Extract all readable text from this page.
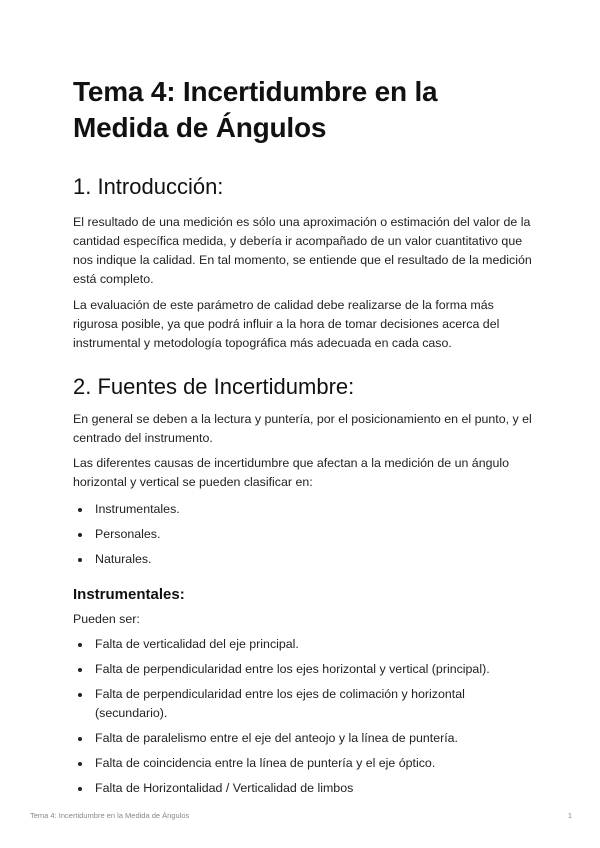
Tema 4: Incertidumbre en la Medida de Ángulos
1. Introducción:

El resultado de una medición es sólo una aproximación o estimación del valor de la cantidad específica medida, y debería ir acompañado de un valor cuantitativo que nos indique la calidad. En tal momento, se entiende que el resultado de la medición está completo.

La evaluación de este parámetro de calidad debe realizarse de la forma más rigurosa posible, ya que podrá influir a la hora de tomar decisiones acerca del instrumental y metodología topográfica más adecuada en cada caso.

2. Fuentes de Incertidumbre:

En general se deben a la lectura y puntería, por el posicionamiento en el punto, y el centrado del instrumento.

Las diferentes causas de incertidumbre que afectan a la medición de un ángulo horizontal y vertical se pueden clasificar en:

Instrumentales.
Personales.
Naturales.
Instrumentales:

Pueden ser:

Falta de verticalidad del eje principal.
Falta de perpendicularidad entre los ejes horizontal y vertical (principal).
Falta de perpendicularidad entre los ejes de colimación y horizontal (secundario).
Falta de paralelismo entre el eje del anteojo y la línea de puntería.
Falta de coincidencia entre la línea de puntería y el eje óptico.
Falta de Horizontalidad / Verticalidad de limbos
Tema 4: Incertidumbre en la Medida de Ángulos	1
